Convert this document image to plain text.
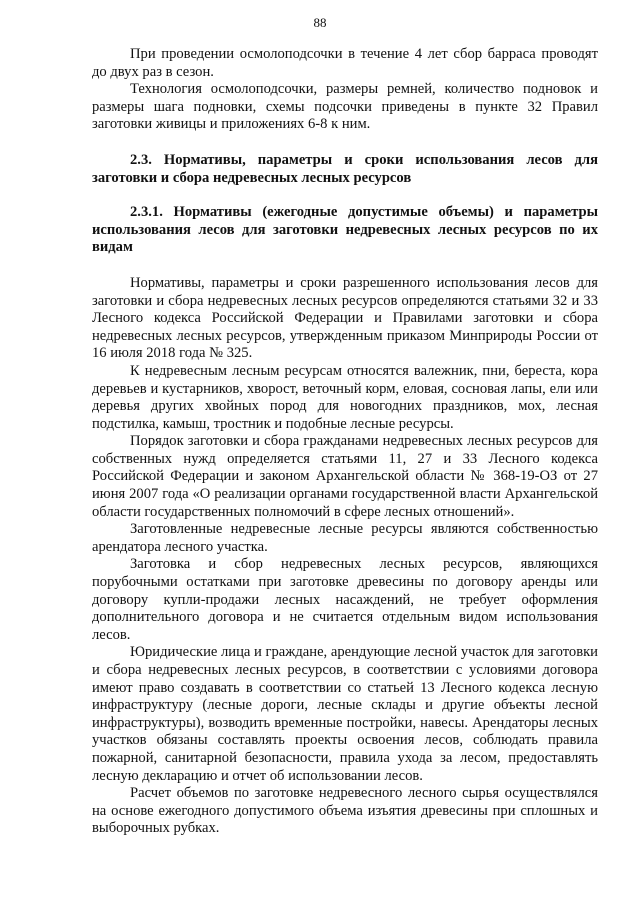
88

При проведении осмолоподсочки в течение 4 лет сбор барраса проводят до двух раз в сезон.

Технология осмолоподсочки, размеры ремней, количество подновок и размеры шага подновки, схемы подсочки приведены в пункте 32 Правил заготовки живицы и приложениях 6-8 к ним.

2.3. Нормативы, параметры и сроки использования лесов для заготовки и сбора недревесных лесных ресурсов
2.3.1. Нормативы (ежегодные допустимые объемы) и параметры использования лесов для заготовки недревесных лесных ресурсов по их видам

Нормативы, параметры и сроки разрешенного использования лесов для заготовки и сбора недревесных лесных ресурсов определяются статьями 32 и 33 Лесного кодекса Российской Федерации и Правилами заготовки и сбора недревесных лесных ресурсов, утвержденным приказом Минприроды России от 16 июля 2018 года № 325.

К недревесным лесным ресурсам относятся валежник, пни, береста, кора деревьев и кустарников, хворост, веточный корм, еловая, сосновая лапы, ели или деревья других хвойных пород для новогодних праздников, мох, лесная подстилка, камыш, тростник и подобные лесные ресурсы.

Порядок заготовки и сбора гражданами недревесных лесных ресурсов для собственных нужд определяется статьями 11, 27 и 33 Лесного кодекса Российской Федерации и законом Архангельской области № 368-19-ОЗ от 27 июня 2007 года «О реализации органами государственной власти Архангельской области государственных полномочий в сфере лесных отношений».

Заготовленные недревесные лесные ресурсы являются собственностью арендатора лесного участка.

Заготовка и сбор недревесных лесных ресурсов, являющихся порубочными остатками при заготовке древесины по договору аренды или договору купли-продажи лесных насаждений, не требует оформления дополнительного договора и не считается отдельным видом использования лесов.

Юридические лица и граждане, арендующие лесной участок для заготовки и сбора недревесных лесных ресурсов, в соответствии с условиями договора имеют право создавать в соответствии со статьей 13 Лесного кодекса лесную инфраструктуру (лесные дороги, лесные склады и другие объекты лесной инфраструктуры), возводить временные постройки, навесы. Арендаторы лесных участков обязаны составлять проекты освоения лесов, соблюдать правила пожарной, санитарной безопасности, правила ухода за лесом, предоставлять лесную декларацию и отчет об использовании лесов.

Расчет объемов по заготовке недревесного лесного сырья осуществлялся на основе ежегодного допустимого объема изъятия древесины при сплошных и выборочных рубках.
